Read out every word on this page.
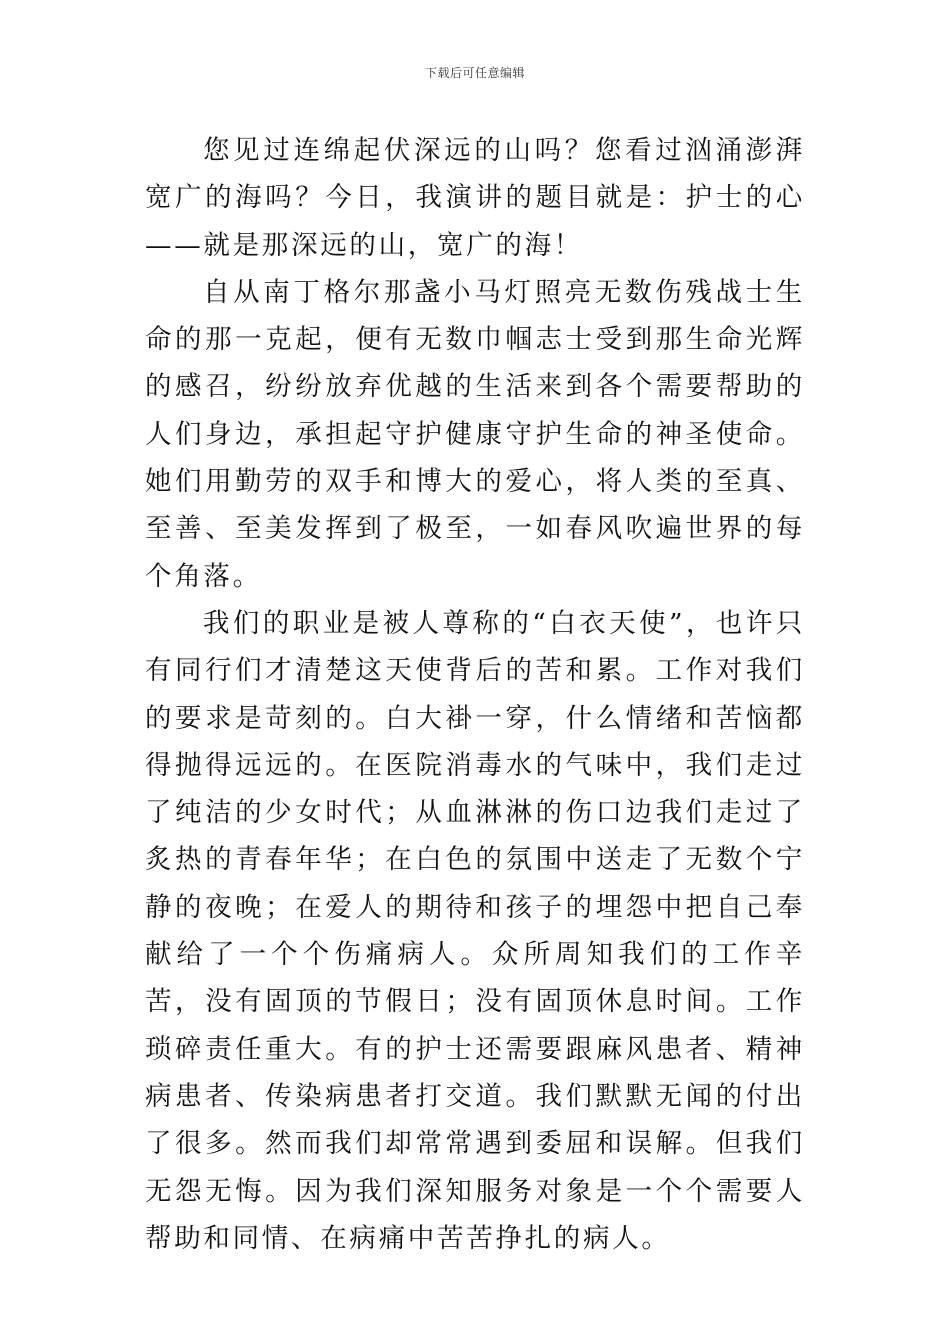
下载后可任意编辑

您见过连绵起伏深远的山吗？您看过汹涌澎湃宽广的海吗？今日，我演讲的题目就是：护士的心——就是那深远的山，宽广的海！

自从南丁格尔那盏小马灯照亮无数伤残战士生命的那一克起，便有无数巾帼志士受到那生命光辉的感召，纷纷放弃优越的生活来到各个需要帮助的人们身边，承担起守护健康守护生命的神圣使命。她们用勤劳的双手和博大的爱心，将人类的至真、至善、至美发挥到了极至，一如春风吹遍世界的每个角落。

我们的职业是被人尊称的“白衣天使”，也许只有同行们才清楚这天使背后的苦和累。工作对我们的要求是苛刻的。白大褂一穿，什么情绪和苦恼都得抛得远远的。在医院消毒水的气味中，我们走过了纯洁的少女时代；从血淋淋的伤口边我们走过了炙热的青春年华；在白色的氛围中送走了无数个宁静的夜晚；在爱人的期待和孩子的埋怨中把自己奉献给了一个个伤痛病人。众所周知我们的工作辛苦，没有固顶的节假日；没有固顶休息时间。工作琐碎责任重大。有的护士还需要跟麻风患者、精神病患者、传染病患者打交道。我们默默无闻的付出了很多。然而我们却常常遇到委屈和误解。但我们无怨无悔。因为我们深知服务对象是一个个需要人帮助和同情、在病痛中苦苦挣扎的病人。
